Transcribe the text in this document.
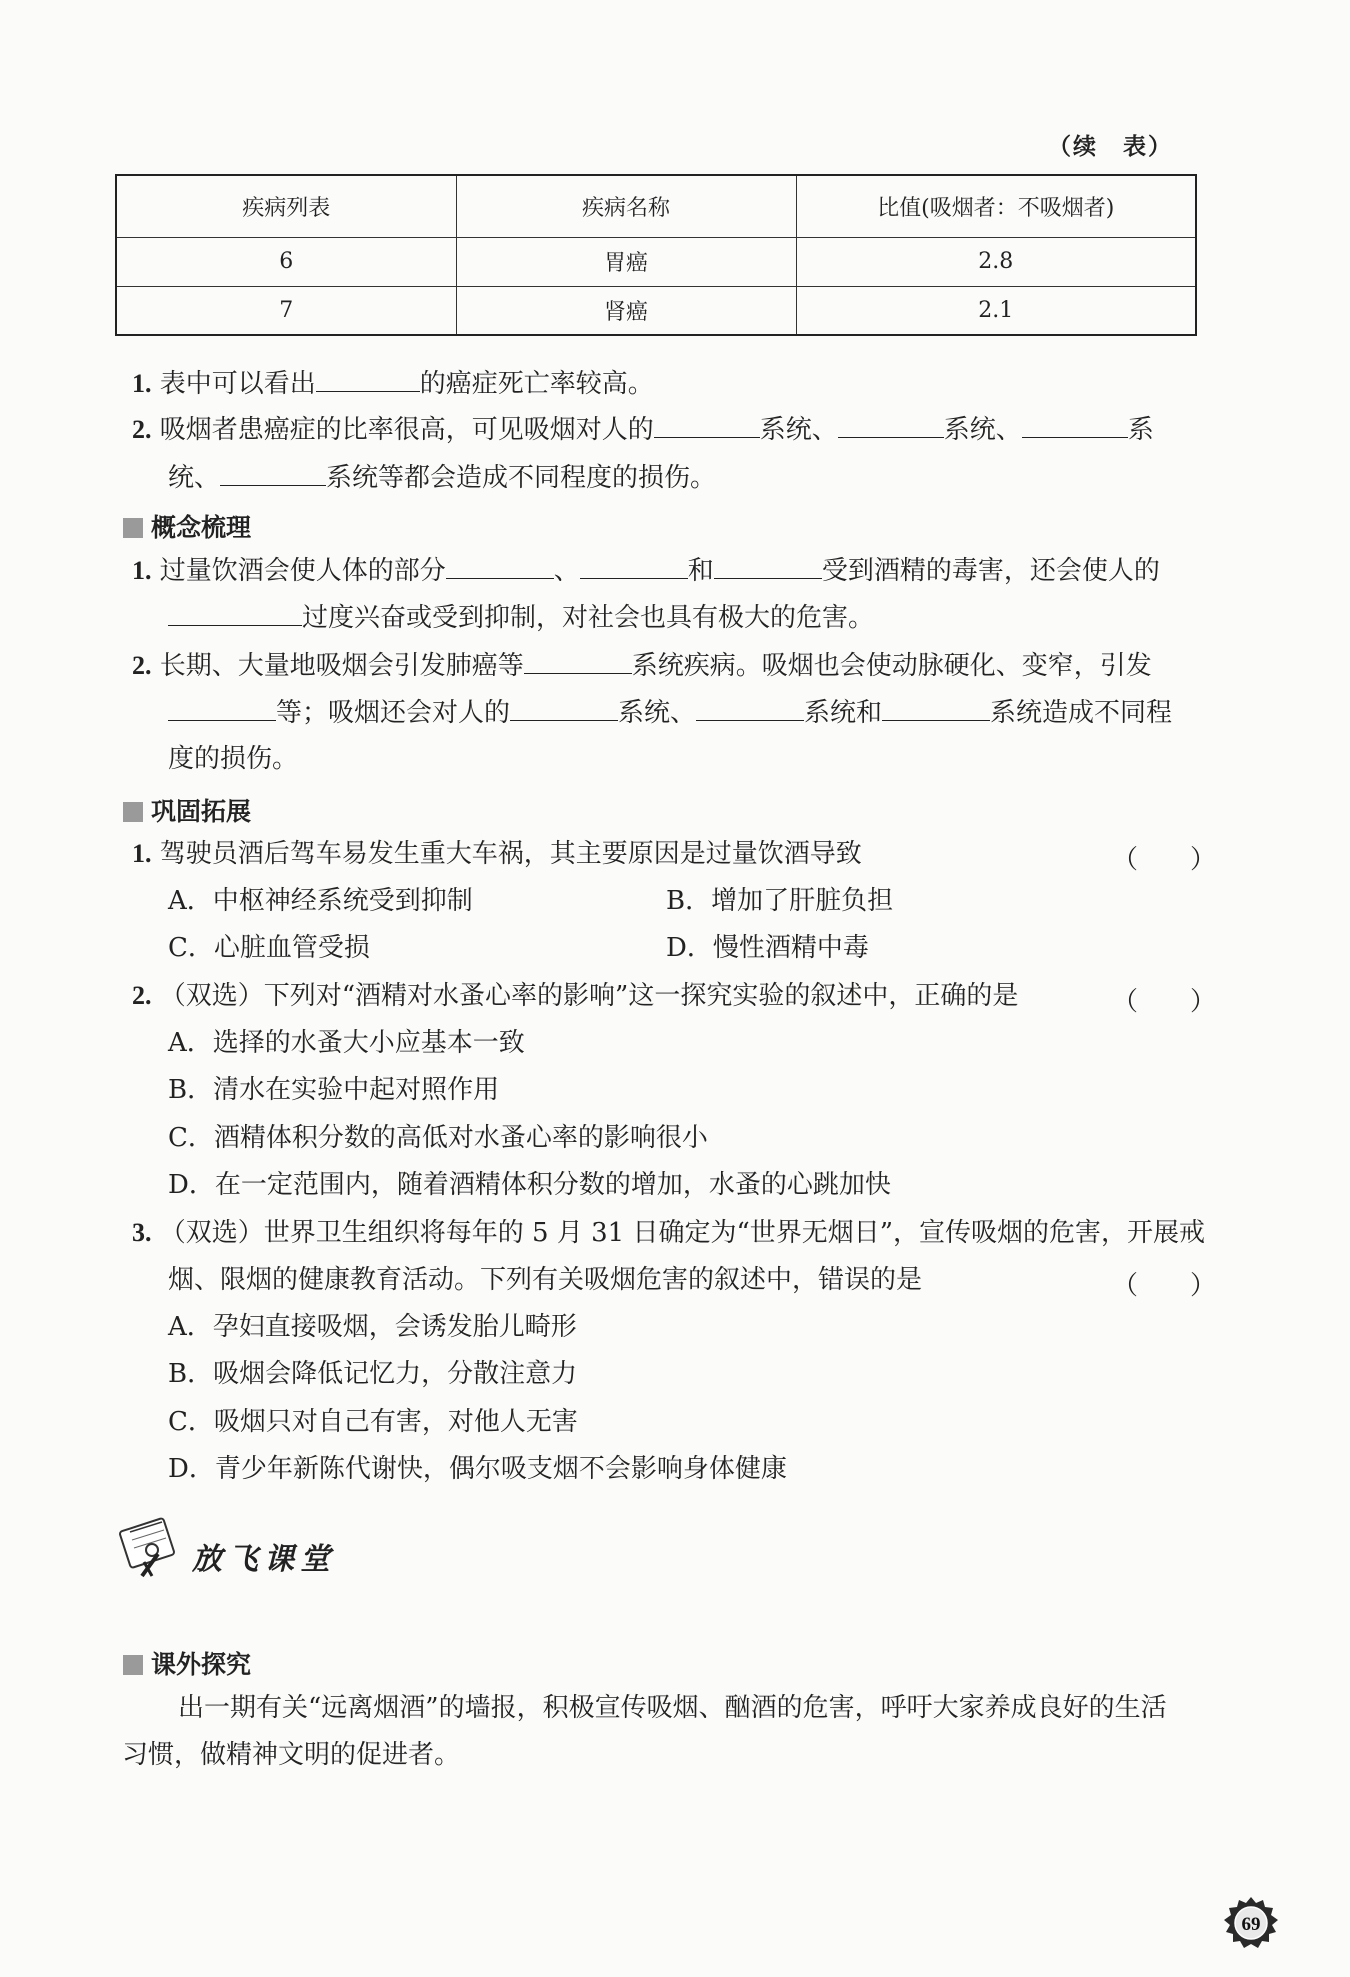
（续　表）
疾病列表	疾病名称	比值(吸烟者：不吸烟者)
6	胃癌	2.8
7	肾癌	2.1
1. 表中可以看出	的癌症死亡率较高。
2. 吸烟者患癌症的比率很高，可见吸烟对人的	系统、	系统、	系
统、	系统等都会造成不同程度的损伤。
概念梳理
1. 过量饮酒会使人体的部分	、	和	受到酒精的毒害，还会使人的
过度兴奋或受到抑制，对社会也具有极大的危害。
2. 长期、大量地吸烟会引发肺癌等	系统疾病。吸烟也会使动脉硬化、变窄，引发
等；吸烟还会对人的	系统、	系统和	系统造成不同程
度的损伤。
巩固拓展
1. 驾驶员酒后驾车易发生重大车祸，其主要原因是过量饮酒导致	（　　）
A．中枢神经系统受到抑制	B．增加了肝脏负担
C．心脏血管受损	D．慢性酒精中毒
2. （双选）下列对“酒精对水蚤心率的影响”这一探究实验的叙述中，正确的是	（　　）
A．选择的水蚤大小应基本一致
B．清水在实验中起对照作用
C．酒精体积分数的高低对水蚤心率的影响很小
D．在一定范围内，随着酒精体积分数的增加，水蚤的心跳加快
3. （双选）世界卫生组织将每年的 5 月 31 日确定为“世界无烟日”，宣传吸烟的危害，开展戒
烟、限烟的健康教育活动。下列有关吸烟危害的叙述中，错误的是	（　　）
A．孕妇直接吸烟，会诱发胎儿畸形
B．吸烟会降低记忆力，分散注意力
C．吸烟只对自己有害，对他人无害
D．青少年新陈代谢快，偶尔吸支烟不会影响身体健康
放飞课堂
课外探究
出一期有关“远离烟酒”的墙报，积极宣传吸烟、酗酒的危害，呼吁大家养成良好的生活
习惯，做精神文明的促进者。
69
